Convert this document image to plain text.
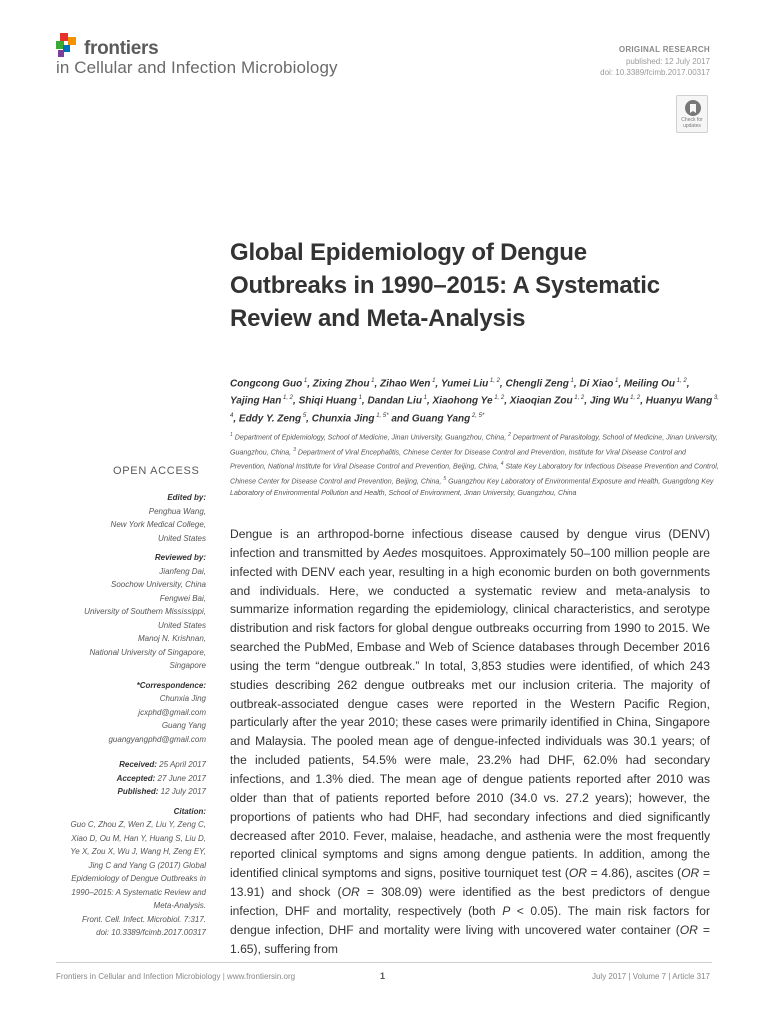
frontiers
in Cellular and Infection Microbiology
ORIGINAL RESEARCH
published: 12 July 2017
doi: 10.3389/fcimb.2017.00317
Check for updates
Global Epidemiology of Dengue Outbreaks in 1990–2015: A Systematic Review and Meta-Analysis
Congcong Guo $^1$, Zixing Zhou $^1$, Zihao Wen $^1$, Yumei Liu $^{1, 2}$, Chengli Zeng $^1$, Di Xiao $^1$, Meiling Ou $^{1, 2}$, Yajing Han $^{1, 2}$, Shiqi Huang $^1$, Dandan Liu $^1$, Xiaohong Ye $^{1, 2}$, Xiaoqian Zou $^{1, 2}$, Jing Wu $^{1, 2}$, Huanyu Wang $^{3, 4}$, Eddy Y. Zeng $^5$, Chunxia Jing $^{1, 5*}$ and Guang Yang $^{2, 5*}$
$^1$ Department of Epidemiology, School of Medicine, Jinan University, Guangzhou, China, $^2$ Department of Parasitology, School of Medicine, Jinan University, Guangzhou, China, $^3$ Department of Viral Encephalitis, Chinese Center for Disease Control and Prevention, Institute for Viral Disease Control and Prevention, National Institute for Viral Disease Control and Prevention, Beijing, China, $^4$ State Key Laboratory for Infectious Disease Prevention and Control, Chinese Center for Disease Control and Prevention, Beijing, China, $^5$ Guangzhou Key Laboratory of Environmental Exposure and Health, Guangdong Key Laboratory of Environmental Pollution and Health, School of Environment, Jinan University, Guangzhou, China
OPEN ACCESS
Edited by:
Penghua Wang,
New York Medical College,
United States
Reviewed by:
Jianfeng Dai,
Soochow University, China
Fengwei Bai,
University of Southern Mississippi,
United States
Manoj N. Krishnan,
National University of Singapore,
Singapore
*Correspondence:
Chunxia Jing
jcxphd@gmail.com
Guang Yang
guangyangphd@gmail.com
Received: 25 April 2017
Accepted: 27 June 2017
Published: 12 July 2017
Citation:
Guo C, Zhou Z, Wen Z, Liu Y, Zeng C,
Xiao D, Ou M, Han Y, Huang S, Liu D,
Ye X, Zou X, Wu J, Wang H, Zeng EY,
Jing C and Yang G (2017) Global
Epidemiology of Dengue Outbreaks in
1990–2015: A Systematic Review and
Meta-Analysis.
Front. Cell. Infect. Microbiol. 7:317.
doi: 10.3389/fcimb.2017.00317
Dengue is an arthropod-borne infectious disease caused by dengue virus (DENV) infection and transmitted by Aedes mosquitoes. Approximately 50–100 million people are infected with DENV each year, resulting in a high economic burden on both governments and individuals. Here, we conducted a systematic review and meta-analysis to summarize information regarding the epidemiology, clinical characteristics, and serotype distribution and risk factors for global dengue outbreaks occurring from 1990 to 2015. We searched the PubMed, Embase and Web of Science databases through December 2016 using the term “dengue outbreak.” In total, 3,853 studies were identified, of which 243 studies describing 262 dengue outbreaks met our inclusion criteria. The majority of outbreak-associated dengue cases were reported in the Western Pacific Region, particularly after the year 2010; these cases were primarily identified in China, Singapore and Malaysia. The pooled mean age of dengue-infected individuals was 30.1 years; of the included patients, 54.5% were male, 23.2% had DHF, 62.0% had secondary infections, and 1.3% died. The mean age of dengue patients reported after 2010 was older than that of patients reported before 2010 (34.0 vs. 27.2 years); however, the proportions of patients who had DHF, had secondary infections and died significantly decreased after 2010. Fever, malaise, headache, and asthenia were the most frequently reported clinical symptoms and signs among dengue patients. In addition, among the identified clinical symptoms and signs, positive tourniquet test (OR = 4.86), ascites (OR = 13.91) and shock (OR = 308.09) were identified as the best predictors of dengue infection, DHF and mortality, respectively (both P < 0.05). The main risk factors for dengue infection, DHF and mortality were living with uncovered water container (OR = 1.65), suffering from
Frontiers in Cellular and Infection Microbiology | www.frontiersin.org	1	July 2017 | Volume 7 | Article 317
